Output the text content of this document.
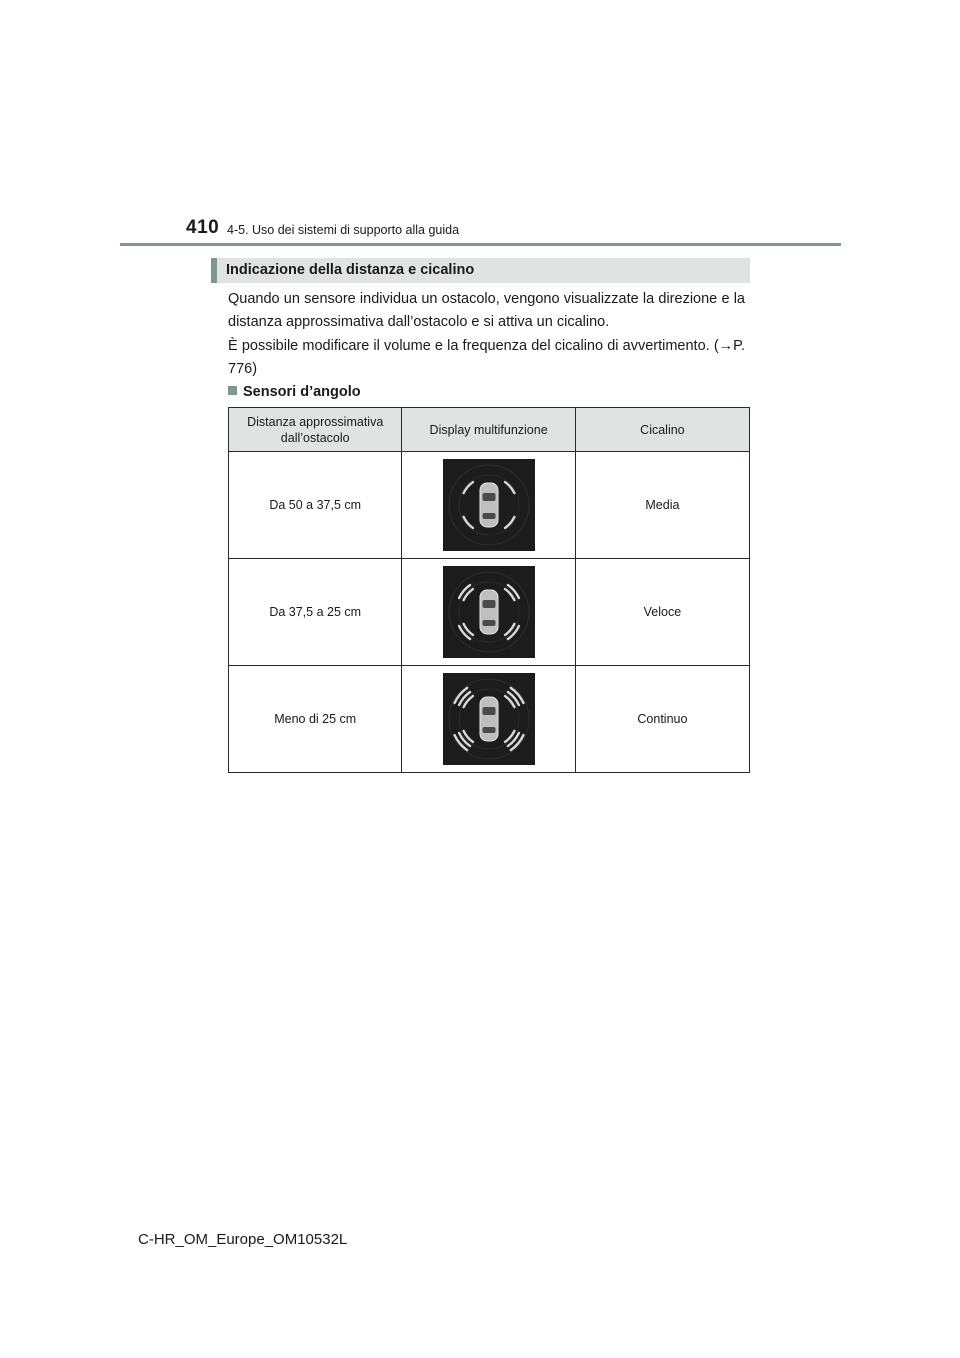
410 4-5. Uso dei sistemi di supporto alla guida
Indicazione della distanza e cicalino

Quando un sensore individua un ostacolo, vengono visualizzate la direzione e la distanza approssimativa dall’ostacolo e si attiva un cicalino.

È possibile modificare il volume e la frequenza del cicalino di avvertimento. (→P. 776)

Sensori d’angolo
Distanza approssimativa dall’ostacolo	Display multifunzione	Cicalino
Da 50 a 37,5 cm		Media
Da 37,5 a 25 cm		Veloce
Meno di 25 cm		Continuo
C-HR_OM_Europe_OM10532L
